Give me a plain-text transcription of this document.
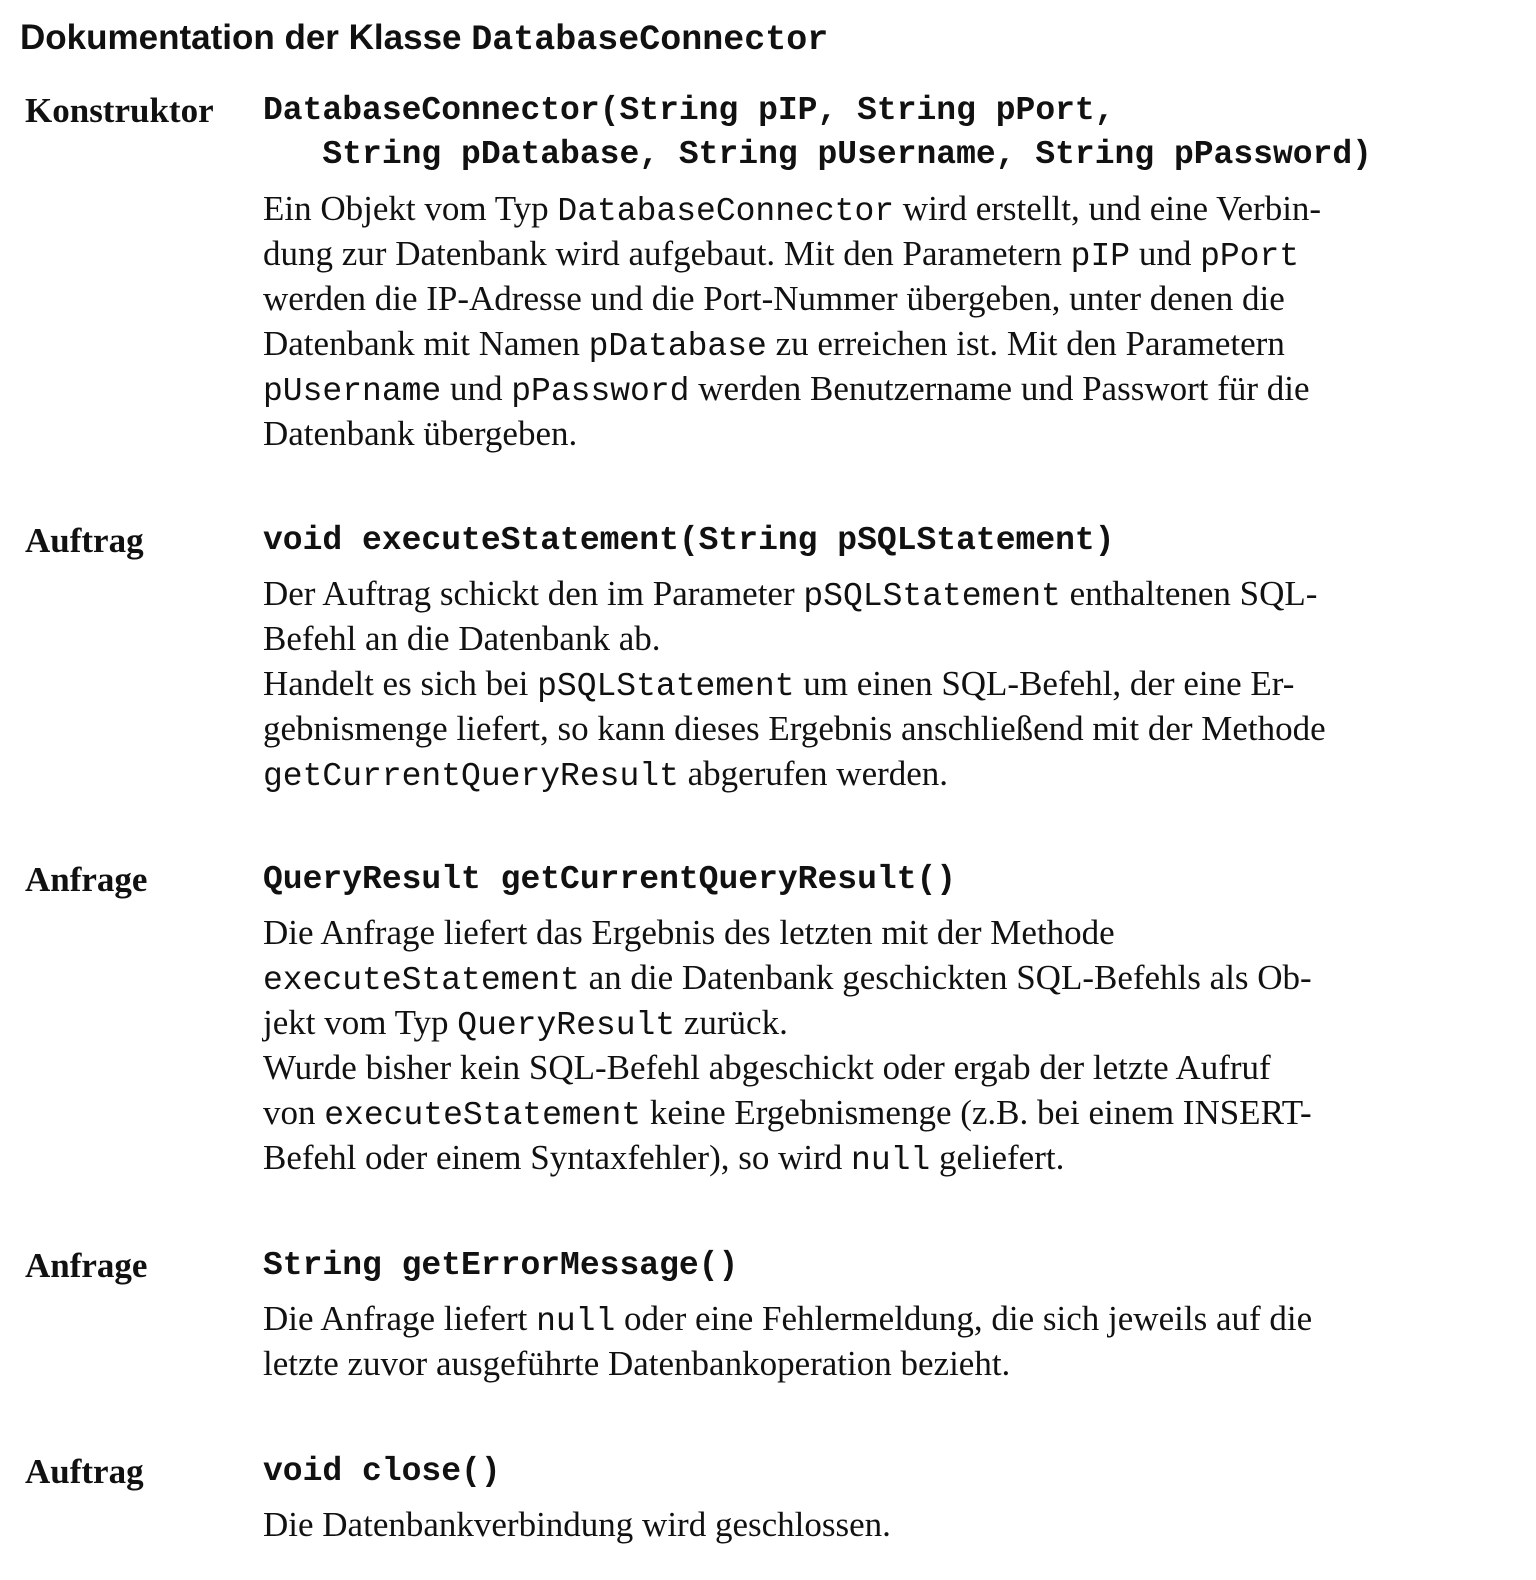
Dokumentation der Klasse DatabaseConnector
Konstruktor DatabaseConnector(String pIP, String pPort,
String pDatabase, String pUsername, String pPassword)
Ein Objekt vom Typ DatabaseConnector wird erstellt, und eine Verbin-
dung zur Datenbank wird aufgebaut. Mit den Parametern pIP und pPort
werden die IP-Adresse und die Port-Nummer übergeben, unter denen die
Datenbank mit Namen pDatabase zu erreichen ist. Mit den Parametern
pUsername und pPassword werden Benutzername und Passwort für die
Datenbank übergeben.
Auftrag	void executeStatement(String pSQLStatement)
Der Auftrag schickt den im Parameter pSQLStatement enthaltenen SQL-
Befehl an die Datenbank ab.
Handelt es sich bei pSQLStatement um einen SQL-Befehl, der eine Er-
gebnismenge liefert, so kann dieses Ergebnis anschließend mit der Methode
getCurrentQueryResult abgerufen werden.
Anfrage	QueryResult getCurrentQueryResult()
Die Anfrage liefert das Ergebnis des letzten mit der Methode
executeStatement an die Datenbank geschickten SQL-Befehls als Ob-
jekt vom Typ QueryResult zurück.
Wurde bisher kein SQL-Befehl abgeschickt oder ergab der letzte Aufruf
von executeStatement keine Ergebnismenge (z.B. bei einem INSERT-
Befehl oder einem Syntaxfehler), so wird null geliefert.
Anfrage	String getErrorMessage()
Die Anfrage liefert null oder eine Fehlermeldung, die sich jeweils auf die
letzte zuvor ausgeführte Datenbankoperation bezieht.
Auftrag	void close()
Die Datenbankverbindung wird geschlossen.
